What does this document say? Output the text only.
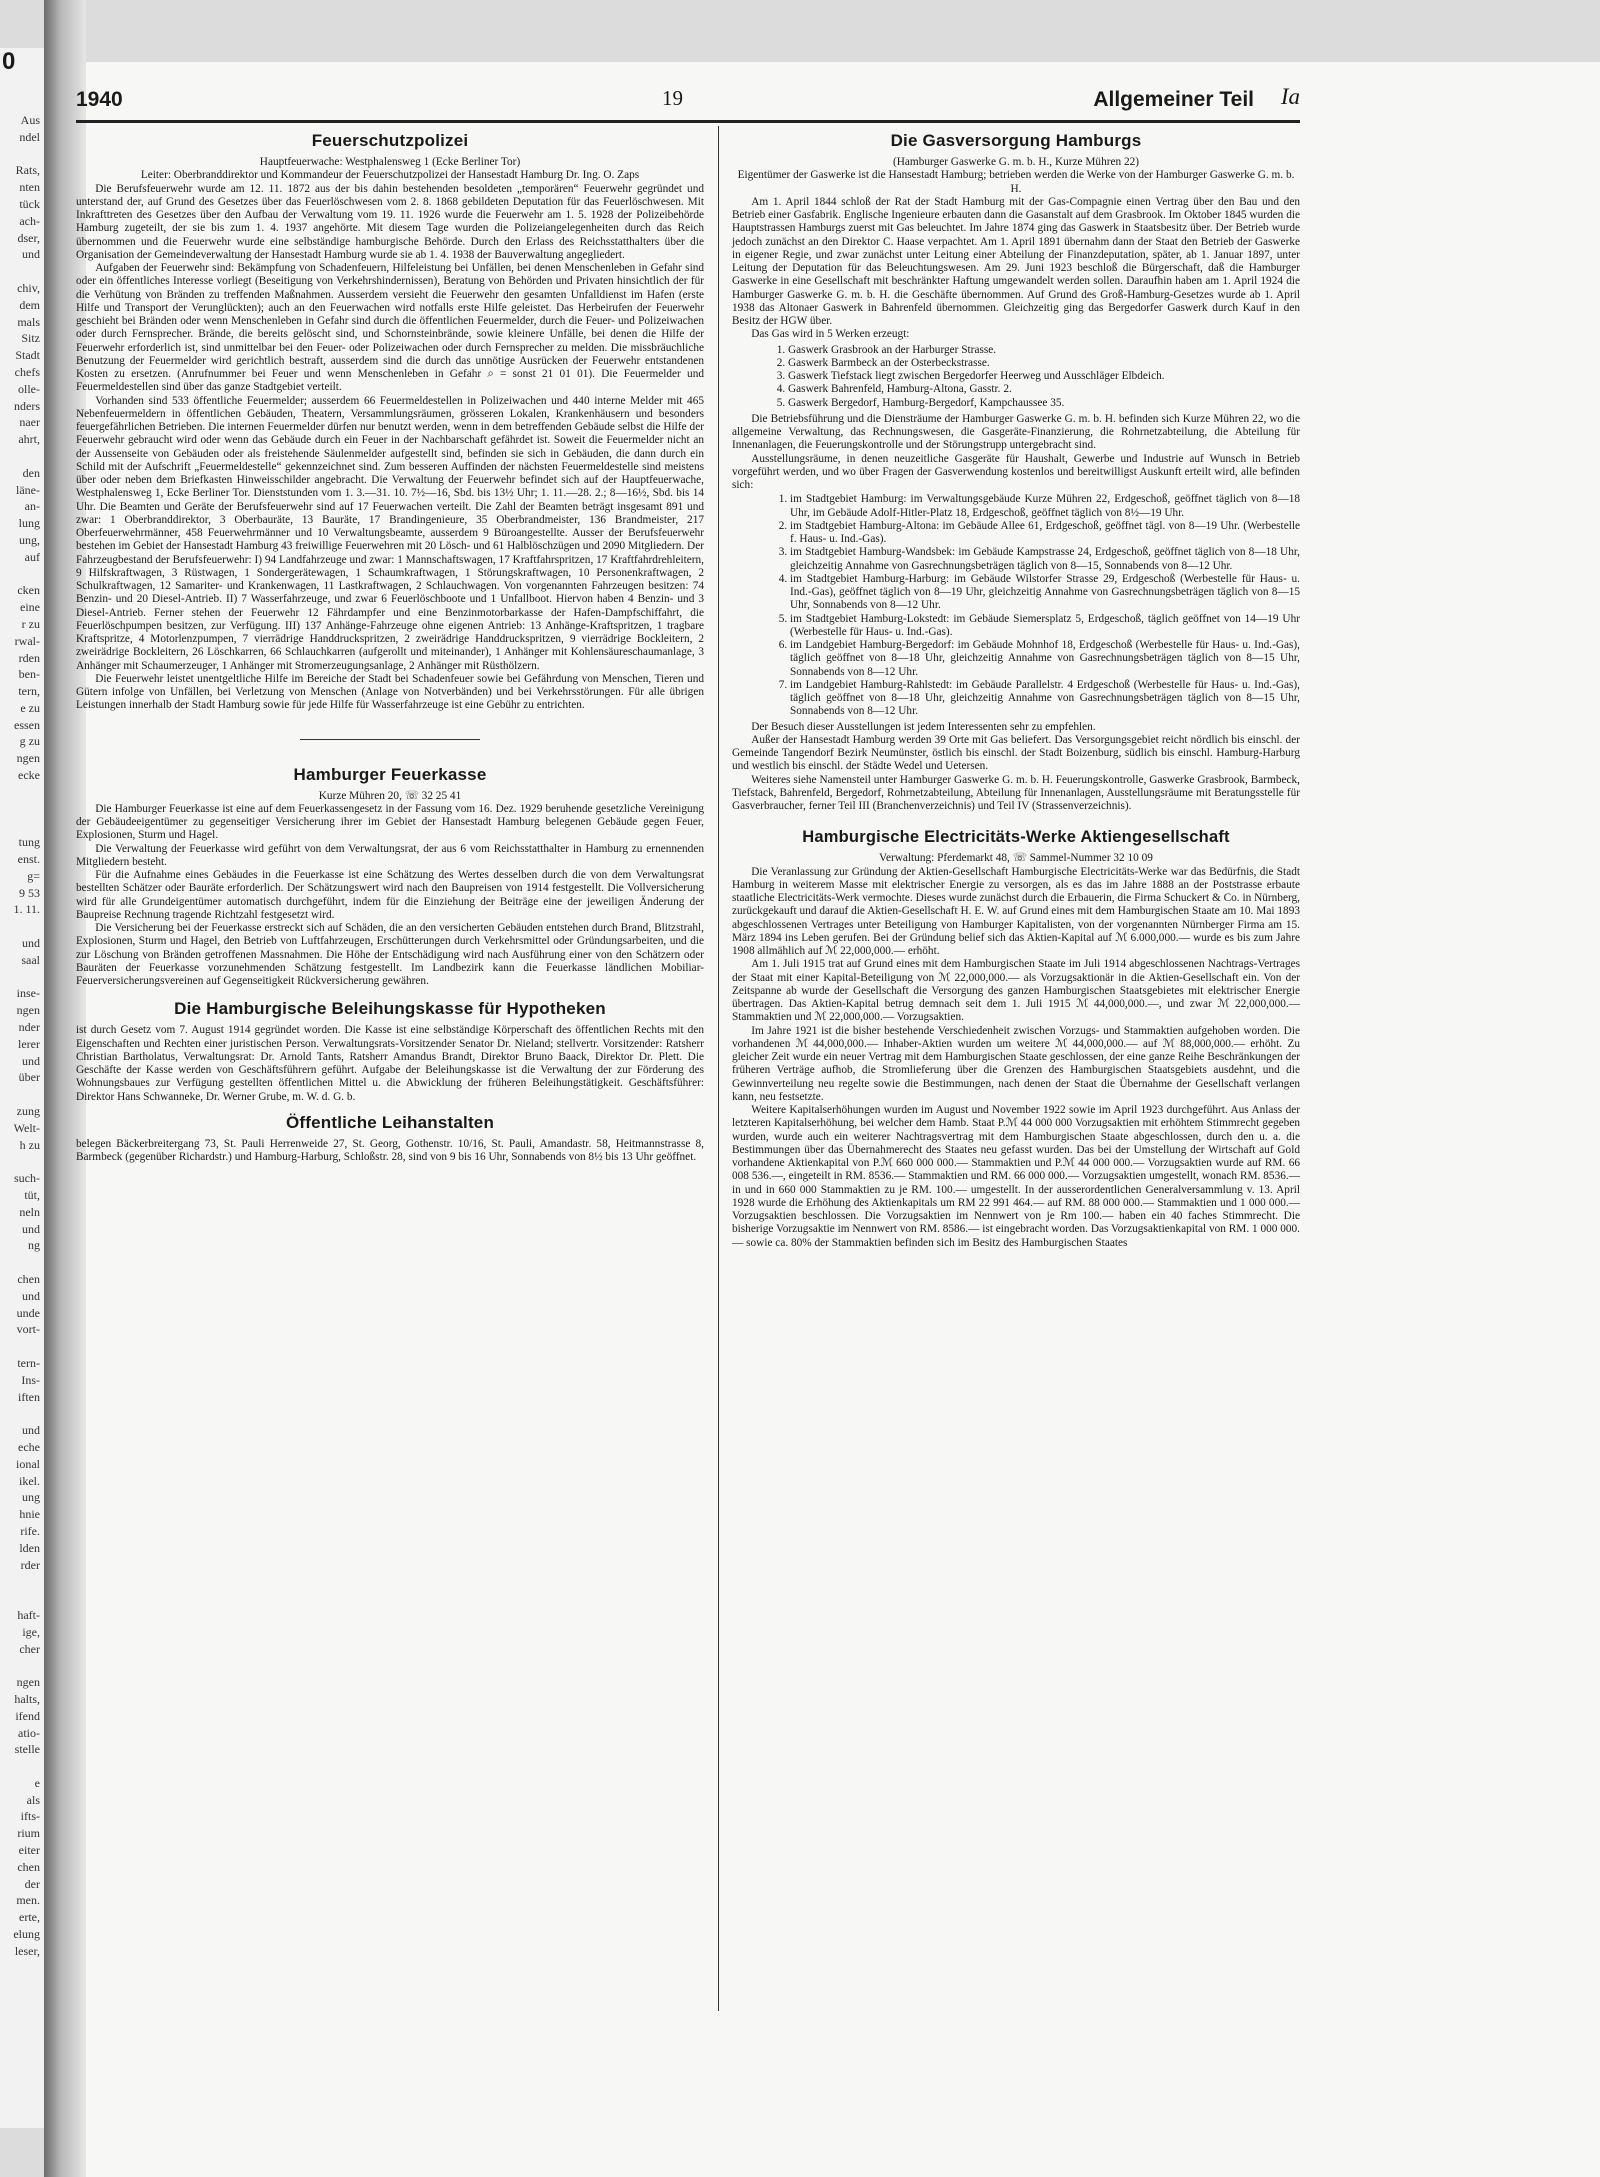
0
Aus
ndel

Rats,
nten
tück
ach-
dser,
und

chiv,
dem
mals
Sitz
Stadt
chefs
olle-
nders
naer
ahrt,

den
läne-
an-
lung
ung,
auf

cken
eine
r zu
rwal-
rden
ben-
tern,
e zu
essen
g zu
ngen
ecke

tung
enst.
g=
9 53
1. 11.

und
saal

inse-
ngen
nder
lerer
und
über

zung
Welt-
h zu

such-
tüt,
neln
und
ng

chen
und
unde
vort-

tern-
Ins-
iften

und
eche
ional
ikel.
ung
hnie
rife.
lden
rder

haft-
ige,
cher

ngen
halts,
ifend
atio-
stelle

e
als
ifts-
rium
eiter
chen
der
men.
erte,
elung
leser,
1940	19	Allgemeiner Teil Ia
Feuerschutzpolizei

Hauptfeuerwache: Westphalensweg 1 (Ecke Berliner Tor)

Leiter: Oberbranddirektor und Kommandeur der Feuerschutzpolizei der Hansestadt Hamburg Dr. Ing. O. Zaps

Die Berufsfeuerwehr wurde am 12. 11. 1872 aus der bis dahin bestehenden besoldeten „temporären“ Feuerwehr gegründet und unterstand der, auf Grund des Gesetzes über das Feuerlöschwesen vom 2. 8. 1868 gebildeten Deputation für das Feuerlöschwesen. Mit Inkrafttreten des Gesetzes über den Aufbau der Verwaltung vom 19. 11. 1926 wurde die Feuerwehr am 1. 5. 1928 der Polizeibehörde Hamburg zugeteilt, der sie bis zum 1. 4. 1937 angehörte. Mit diesem Tage wurden die Polizeiangelegenheiten durch das Reich übernommen und die Feuerwehr wurde eine selbständige hamburgische Behörde. Durch den Erlass des Reichsstatthalters über die Organisation der Gemeindeverwaltung der Hansestadt Hamburg wurde sie ab 1. 4. 1938 der Bauverwaltung angegliedert.

Aufgaben der Feuerwehr sind: Bekämpfung von Schadenfeuern, Hilfeleistung bei Unfällen, bei denen Menschenleben in Gefahr sind oder ein öffentliches Interesse vorliegt (Beseitigung von Verkehrshindernissen), Beratung von Behörden und Privaten hinsichtlich der für die Verhütung von Bränden zu treffenden Maßnahmen. Ausserdem versieht die Feuerwehr den gesamten Unfalldienst im Hafen (erste Hilfe und Transport der Verunglückten); auch an den Feuerwachen wird notfalls erste Hilfe geleistet. Das Herbeirufen der Feuerwehr geschieht bei Bränden oder wenn Menschenleben in Gefahr sind durch die öffentlichen Feuermelder, durch die Feuer- und Polizeiwachen oder durch Fernsprecher. Brände, die bereits gelöscht sind, und Schornsteinbrände, sowie kleinere Unfälle, bei denen die Hilfe der Feuerwehr erforderlich ist, sind unmittelbar bei den Feuer- oder Polizeiwachen oder durch Fernsprecher zu melden. Die missbräuchliche Benutzung der Feuermelder wird gerichtlich bestraft, ausserdem sind die durch das unnötige Ausrücken der Feuerwehr entstandenen Kosten zu ersetzen. (Anrufnummer bei Feuer und wenn Menschenleben in Gefahr ⌕ = sonst 21 01 01). Die Feuermelder und Feuermeldestellen sind über das ganze Stadtgebiet verteilt.

Vorhanden sind 533 öffentliche Feuermelder; ausserdem 66 Feuermeldestellen in Polizeiwachen und 440 interne Melder mit 465 Nebenfeuermeldern in öffentlichen Gebäuden, Theatern, Versammlungsräumen, grösseren Lokalen, Krankenhäusern und besonders feuergefährlichen Betrieben. Die internen Feuermelder dürfen nur benutzt werden, wenn in dem betreffenden Gebäude selbst die Hilfe der Feuerwehr gebraucht wird oder wenn das Gebäude durch ein Feuer in der Nachbarschaft gefährdet ist. Soweit die Feuermelder nicht an der Aussenseite von Gebäuden oder als freistehende Säulenmelder aufgestellt sind, befinden sie sich in Gebäuden, die dann durch ein Schild mit der Aufschrift „Feuermeldestelle“ gekennzeichnet sind. Zum besseren Auffinden der nächsten Feuermeldestelle sind meistens über oder neben dem Briefkasten Hinweisschilder angebracht. Die Verwaltung der Feuerwehr befindet sich auf der Hauptfeuerwache, Westphalensweg 1, Ecke Berliner Tor. Dienststunden vom 1. 3.—31. 10. 7½—16, Sbd. bis 13½ Uhr; 1. 11.—28. 2.; 8—16½, Sbd. bis 14 Uhr. Die Beamten und Geräte der Berufsfeuerwehr sind auf 17 Feuerwachen verteilt. Die Zahl der Beamten beträgt insgesamt 891 und zwar: 1 Oberbranddirektor, 3 Oberbauräte, 13 Bauräte, 17 Brandingenieure, 35 Oberbrandmeister, 136 Brandmeister, 217 Oberfeuerwehrmänner, 458 Feuerwehrmänner und 10 Verwaltungsbeamte, ausserdem 9 Büroangestellte. Ausser der Berufsfeuerwehr bestehen im Gebiet der Hansestadt Hamburg 43 freiwillige Feuerwehren mit 20 Lösch- und 61 Halblöschzügen und 2090 Mitgliedern. Der Fahrzeugbestand der Berufsfeuerwehr: I) 94 Landfahrzeuge und zwar: 1 Mannschaftswagen, 17 Kraftfahrspritzen, 17 Kraftfahrdrehleitern, 9 Hilfskraftwagen, 3 Rüstwagen, 1 Sondergerätewagen, 1 Schaumkraftwagen, 1 Störungskraftwagen, 10 Personenkraftwagen, 2 Schulkraftwagen, 12 Samariter- und Krankenwagen, 11 Lastkraftwagen, 2 Schlauchwagen. Von vorgenannten Fahrzeugen besitzen: 74 Benzin- und 20 Diesel-Antrieb. II) 7 Wasserfahrzeuge, und zwar 6 Feuerlöschboote und 1 Unfallboot. Hiervon haben 4 Benzin- und 3 Diesel-Antrieb. Ferner stehen der Feuerwehr 12 Fährdampfer und eine Benzinmotorbarkasse der Hafen-Dampfschiffahrt, die Feuerlöschpumpen besitzen, zur Verfügung. III) 137 Anhänge-Fahrzeuge ohne eigenen Antrieb: 13 Anhänge-Kraftspritzen, 1 tragbare Kraftspritze, 4 Motorlenzpumpen, 7 vierrädrige Handdruckspritzen, 2 zweirädrige Handdruckspritzen, 9 vierrädrige Bockleitern, 2 zweirädrige Bockleitern, 26 Löschkarren, 66 Schlauchkarren (aufgerollt und miteinander), 1 Anhänger mit Kohlensäureschaumanlage, 3 Anhänger mit Schaumerzeuger, 1 Anhänger mit Stromerzeugungsanlage, 2 Anhänger mit Rüsthölzern.

Die Feuerwehr leistet unentgeltliche Hilfe im Bereiche der Stadt bei Schadenfeuer sowie bei Gefährdung von Menschen, Tieren und Gütern infolge von Unfällen, bei Verletzung von Menschen (Anlage von Notverbänden) und bei Verkehrsstörungen. Für alle übrigen Leistungen innerhalb der Stadt Hamburg sowie für jede Hilfe für Wasserfahrzeuge ist eine Gebühr zu entrichten.

Hamburger Feuerkasse

Kurze Mühren 20, ☏ 32 25 41

Die Hamburger Feuerkasse ist eine auf dem Feuerkassengesetz in der Fassung vom 16. Dez. 1929 beruhende gesetzliche Vereinigung der Gebäudeeigentümer zu gegenseitiger Versicherung ihrer im Gebiet der Hansestadt Hamburg belegenen Gebäude gegen Feuer, Explosionen, Sturm und Hagel.

Die Verwaltung der Feuerkasse wird geführt von dem Verwaltungsrat, der aus 6 vom Reichsstatthalter in Hamburg zu ernennenden Mitgliedern besteht.

Für die Aufnahme eines Gebäudes in die Feuerkasse ist eine Schätzung des Wertes desselben durch die von dem Verwaltungsrat bestellten Schätzer oder Bauräte erforderlich. Der Schätzungswert wird nach den Baupreisen von 1914 festgestellt. Die Vollversicherung wird für alle Grundeigentümer automatisch durchgeführt, indem für die Einziehung der Beiträge eine der jeweiligen Änderung der Baupreise Rechnung tragende Richtzahl festgesetzt wird.

Die Versicherung bei der Feuerkasse erstreckt sich auf Schäden, die an den versicherten Gebäuden entstehen durch Brand, Blitzstrahl, Explosionen, Sturm und Hagel, den Betrieb von Luftfahrzeugen, Erschütterungen durch Verkehrsmittel oder Gründungsarbeiten, und die zur Löschung von Bränden getroffenen Massnahmen. Die Höhe der Entschädigung wird nach Ausführung einer von den Schätzern oder Bauräten der Feuerkasse vorzunehmenden Schätzung festgestellt. Im Landbezirk kann die Feuerkasse ländlichen Mobiliar-Feuerversicherungsvereinen auf Gegenseitigkeit Rückversicherung gewähren.

Die Hamburgische Beleihungskasse für Hypotheken

ist durch Gesetz vom 7. August 1914 gegründet worden. Die Kasse ist eine selbständige Körperschaft des öffentlichen Rechts mit den Eigenschaften und Rechten einer juristischen Person. Verwaltungsrats-Vorsitzender Senator Dr. Nieland; stellvertr. Vorsitzender: Ratsherr Christian Bartholatus, Verwaltungsrat: Dr. Arnold Tants, Ratsherr Amandus Brandt, Direktor Bruno Baack, Direktor Dr. Plett. Die Geschäfte der Kasse werden von Geschäftsführern geführt. Aufgabe der Beleihungskasse ist die Verwaltung der zur Förderung des Wohnungsbaues zur Verfügung gestellten öffentlichen Mittel u. die Abwicklung der früheren Beleihungstätigkeit. Geschäftsführer: Direktor Hans Schwanneke, Dr. Werner Grube, m. W. d. G. b.

Öffentliche Leihanstalten

belegen Bäckerbreitergang 73, St. Pauli Herrenweide 27, St. Georg, Gothenstr. 10/16, St. Pauli, Amandastr. 58, Heitmannstrasse 8, Barmbeck (gegenüber Richardstr.) und Hamburg-Harburg, Schloßstr. 28, sind von 9 bis 16 Uhr, Sonnabends von 8½ bis 13 Uhr geöffnet.

Die Gasversorgung Hamburgs

(Hamburger Gaswerke G. m. b. H., Kurze Mühren 22)

Eigentümer der Gaswerke ist die Hansestadt Hamburg; betrieben werden die Werke von der Hamburger Gaswerke G. m. b. H.

Am 1. April 1844 schloß der Rat der Stadt Hamburg mit der Gas-Compagnie einen Vertrag über den Bau und den Betrieb einer Gasfabrik. Englische Ingenieure erbauten dann die Gasanstalt auf dem Grasbrook. Im Oktober 1845 wurden die Hauptstrassen Hamburgs zuerst mit Gas beleuchtet. Im Jahre 1874 ging das Gaswerk in Staatsbesitz über. Der Betrieb wurde jedoch zunächst an den Direktor C. Haase verpachtet. Am 1. April 1891 übernahm dann der Staat den Betrieb der Gaswerke in eigener Regie, und zwar zunächst unter Leitung einer Abteilung der Finanzdeputation, später, ab 1. Januar 1897, unter Leitung der Deputation für das Beleuchtungswesen. Am 29. Juni 1923 beschloß die Bürgerschaft, daß die Hamburger Gaswerke in eine Gesellschaft mit beschränkter Haftung umgewandelt werden sollen. Daraufhin haben am 1. April 1924 die Hamburger Gaswerke G. m. b. H. die Geschäfte übernommen. Auf Grund des Groß-Hamburg-Gesetzes wurde ab 1. April 1938 das Altonaer Gaswerk in Bahrenfeld übernommen. Gleichzeitig ging das Bergedorfer Gaswerk durch Kauf in den Besitz der HGW über.

Das Gas wird in 5 Werken erzeugt:

1. Gaswerk Grasbrook an der Harburger Strasse.
2. Gaswerk Barmbeck an der Osterbeckstrasse.
3. Gaswerk Tiefstack liegt zwischen Bergedorfer Heerweg und Ausschläger Elbdeich.
4. Gaswerk Bahrenfeld, Hamburg-Altona, Gasstr. 2.
5. Gaswerk Bergedorf, Hamburg-Bergedorf, Kampchaussee 35.

Die Betriebsführung und die Diensträume der Hamburger Gaswerke G. m. b. H. befinden sich Kurze Mühren 22, wo die allgemeine Verwaltung, das Rechnungswesen, die Gasgeräte-Finanzierung, die Rohrnetzabteilung, die Abteilung für Innenanlagen, die Feuerungskontrolle und der Störungstrupp untergebracht sind.

Ausstellungsräume, in denen neuzeitliche Gasgeräte für Haushalt, Gewerbe und Industrie auf Wunsch in Betrieb vorgeführt werden, und wo über Fragen der Gasverwendung kostenlos und bereitwilligst Auskunft erteilt wird, alle befinden sich:

1. im Stadtgebiet Hamburg: im Verwaltungsgebäude Kurze Mühren 22, Erdgeschoß, geöffnet täglich von 8—18 Uhr, im Gebäude Adolf-Hitler-Platz 18, Erdgeschoß, geöffnet täglich von 8½—19 Uhr.
2. im Stadtgebiet Hamburg-Altona: im Gebäude Allee 61, Erdgeschoß, geöffnet tägl. von 8—19 Uhr. (Werbestelle f. Haus- u. Ind.-Gas).
3. im Stadtgebiet Hamburg-Wandsbek: im Gebäude Kampstrasse 24, Erdgeschoß, geöffnet täglich von 8—18 Uhr, gleichzeitig Annahme von Gasrechnungsbeträgen täglich von 8—15, Sonnabends von 8—12 Uhr.
4. im Stadtgebiet Hamburg-Harburg: im Gebäude Wilstorfer Strasse 29, Erdgeschoß (Werbestelle für Haus- u. Ind.-Gas), geöffnet täglich von 8—19 Uhr, gleichzeitig Annahme von Gasrechnungsbeträgen täglich von 8—15 Uhr, Sonnabends von 8—12 Uhr.
5. im Stadtgebiet Hamburg-Lokstedt: im Gebäude Siemersplatz 5, Erdgeschoß, täglich geöffnet von 14—19 Uhr (Werbestelle für Haus- u. Ind.-Gas).
6. im Landgebiet Hamburg-Bergedorf: im Gebäude Mohnhof 18, Erdgeschoß (Werbestelle für Haus- u. Ind.-Gas), täglich geöffnet von 8—18 Uhr, gleichzeitig Annahme von Gasrechnungsbeträgen täglich von 8—15 Uhr, Sonnabends von 8—12 Uhr.
7. im Landgebiet Hamburg-Rahlstedt: im Gebäude Parallelstr. 4 Erdgeschoß (Werbestelle für Haus- u. Ind.-Gas), täglich geöffnet von 8—18 Uhr, gleichzeitig Annahme von Gasrechnungsbeträgen täglich von 8—15 Uhr, Sonnabends von 8—12 Uhr.

Der Besuch dieser Ausstellungen ist jedem Interessenten sehr zu empfehlen.

Außer der Hansestadt Hamburg werden 39 Orte mit Gas beliefert. Das Versorgungsgebiet reicht nördlich bis einschl. der Gemeinde Tangendorf Bezirk Neumünster, östlich bis einschl. der Stadt Boizenburg, südlich bis einschl. Hamburg-Harburg und westlich bis einschl. der Städte Wedel und Uetersen.

Weiteres siehe Namensteil unter Hamburger Gaswerke G. m. b. H. Feuerungskontrolle, Gaswerke Grasbrook, Barmbeck, Tiefstack, Bahrenfeld, Bergedorf, Rohrnetzabteilung, Abteilung für Innenanlagen, Ausstellungsräume mit Beratungsstelle für Gasverbraucher, ferner Teil III (Branchenverzeichnis) und Teil IV (Strassenverzeichnis).

Hamburgische Electricitäts-Werke Aktiengesellschaft

Verwaltung: Pferdemarkt 48, ☏ Sammel-Nummer 32 10 09

Die Veranlassung zur Gründung der Aktien-Gesellschaft Hamburgische Electricitäts-Werke war das Bedürfnis, die Stadt Hamburg in weiterem Masse mit elektrischer Energie zu versorgen, als es das im Jahre 1888 an der Poststrasse erbaute staatliche Electricitäts-Werk vermochte. Dieses wurde zunächst durch die Erbauerin, die Firma Schuckert & Co. in Nürnberg, zurückgekauft und darauf die Aktien-Gesellschaft H. E. W. auf Grund eines mit dem Hamburgischen Staate am 10. Mai 1893 abgeschlossenen Vertrages unter Beteiligung von Hamburger Kapitalisten, von der vorgenannten Nürnberger Firma am 15. März 1894 ins Leben gerufen. Bei der Gründung belief sich das Aktien-Kapital auf ℳ 6.000,000.— wurde es bis zum Jahre 1908 allmählich auf ℳ 22,000,000.— erhöht.

Am 1. Juli 1915 trat auf Grund eines mit dem Hamburgischen Staate im Juli 1914 abgeschlossenen Nachtrags-Vertrages der Staat mit einer Kapital-Beteiligung von ℳ 22,000,000.— als Vorzugsaktionär in die Aktien-Gesellschaft ein. Von der Zeitspanne ab wurde der Gesellschaft die Versorgung des ganzen Hamburgischen Staatsgebietes mit elektrischer Energie übertragen. Das Aktien-Kapital betrug demnach seit dem 1. Juli 1915 ℳ 44,000,000.—, und zwar ℳ 22,000,000.— Stammaktien und ℳ 22,000,000.— Vorzugsaktien.

Im Jahre 1921 ist die bisher bestehende Verschiedenheit zwischen Vorzugs- und Stammaktien aufgehoben worden. Die vorhandenen ℳ 44,000,000.— Inhaber-Aktien wurden um weitere ℳ 44,000,000.— auf ℳ 88,000,000.— erhöht. Zu gleicher Zeit wurde ein neuer Vertrag mit dem Hamburgischen Staate geschlossen, der eine ganze Reihe Beschränkungen der früheren Verträge aufhob, die Stromlieferung über die Grenzen des Hamburgischen Staatsgebiets ausdehnt, und die Gewinnverteilung neu regelte sowie die Bestimmungen, nach denen der Staat die Übernahme der Gesellschaft verlangen kann, neu festsetzte.

Weitere Kapitalserhöhungen wurden im August und November 1922 sowie im April 1923 durchgeführt. Aus Anlass der letzteren Kapitalserhöhung, bei welcher dem Hamb. Staat P.ℳ 44 000 000 Vorzugsaktien mit erhöhtem Stimmrecht gegeben wurden, wurde auch ein weiterer Nachtragsvertrag mit dem Hamburgischen Staate abgeschlossen, durch den u. a. die Bestimmungen über das Übernahmerecht des Staates neu gefasst wurden. Das bei der Umstellung der Wirtschaft auf Gold vorhandene Aktienkapital von P.ℳ 660 000 000.— Stammaktien und P.ℳ 44 000 000.— Vorzugsaktien wurde auf RM. 66 008 536.—, eingeteilt in RM. 8536.— Stammaktien und RM. 66 000 000.— Vorzugsaktien umgestellt, wonach RM. 8536.— in und in 660 000 Stammaktien zu je RM. 100.— umgestellt. In der ausserordentlichen Generalversammlung v. 13. April 1928 wurde die Erhöhung des Aktienkapitals um RM 22 991 464.— auf RM. 88 000 000.— Stammaktien und 1 000 000.— Vorzugsaktien beschlossen. Die Vorzugsaktien im Nennwert von je Rm 100.— haben ein 40 faches Stimmrecht. Die bisherige Vorzugsaktie im Nennwert von RM. 8586.— ist eingebracht worden. Das Vorzugsaktienkapital von RM. 1 000 000.— sowie ca. 80% der Stammaktien befinden sich im Besitz des Hamburgischen Staates
